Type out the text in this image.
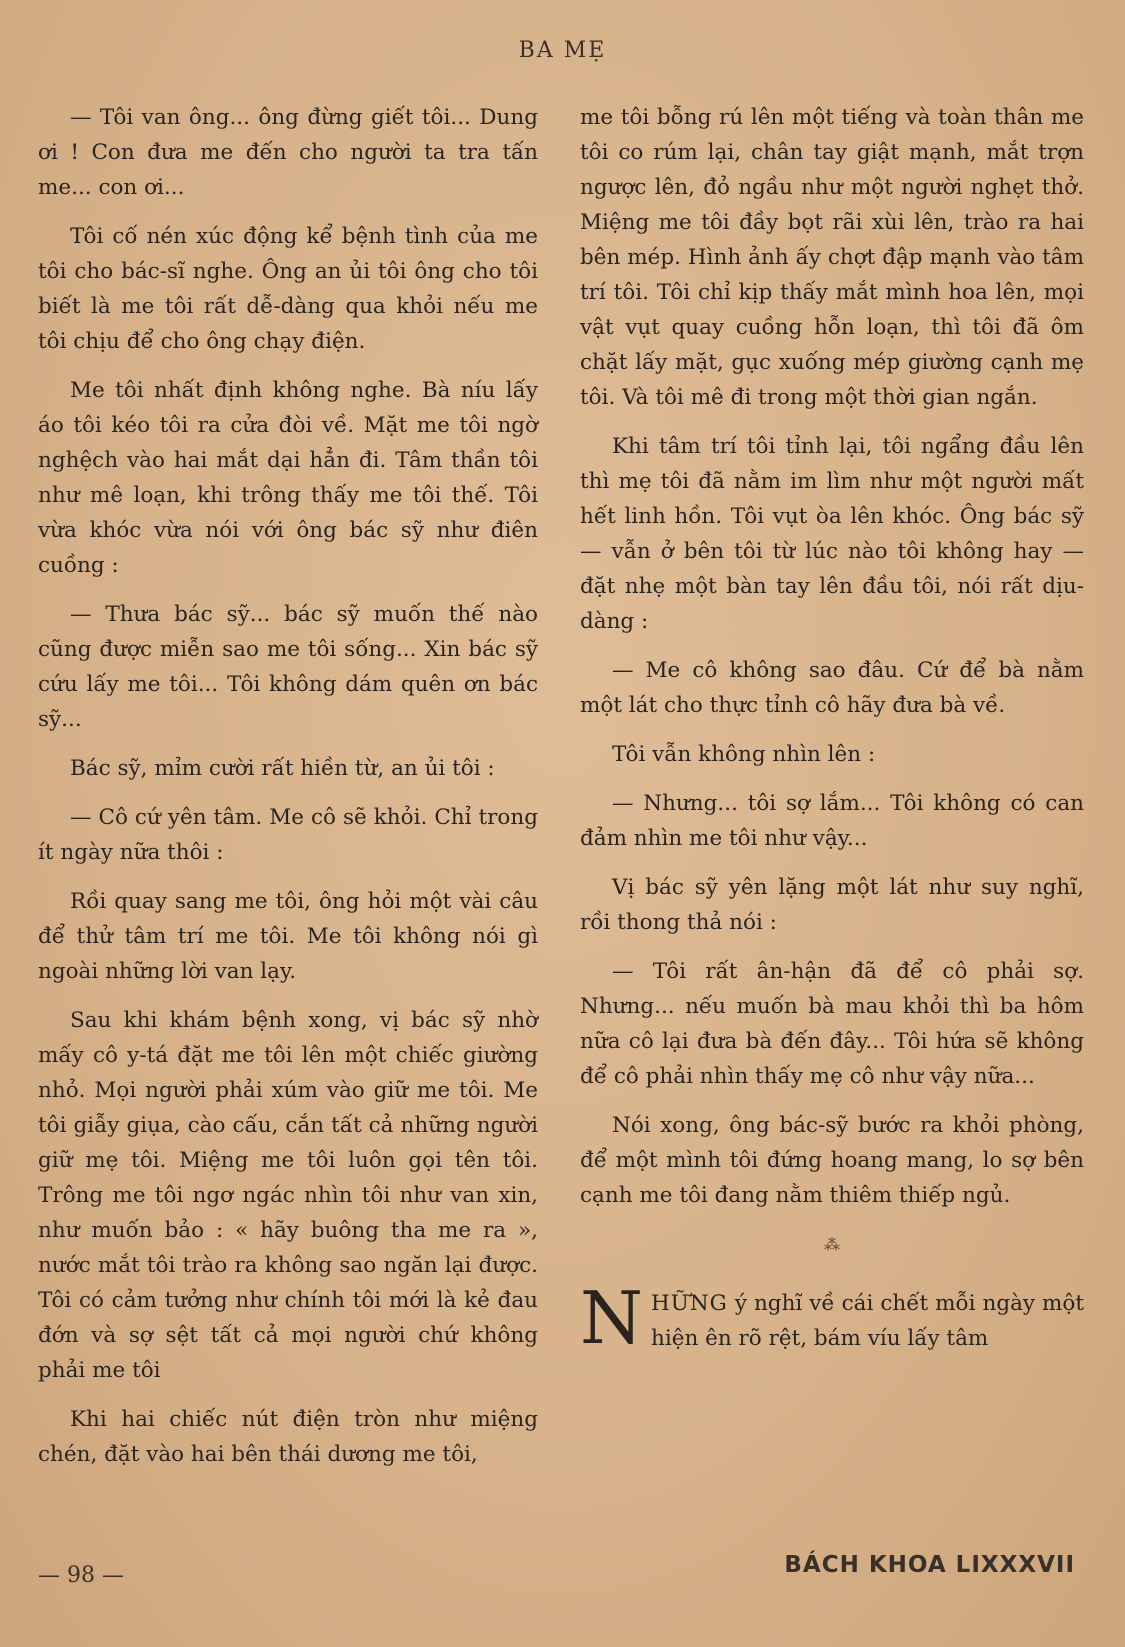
BA MẸ

— Tôi van ông... ông đừng giết tôi... Dung ơi ! Con đưa me đến cho người ta tra tấn me... con ơi...

Tôi cố nén xúc động kể bệnh tình của me tôi cho bác-sĩ nghe. Ông an ủi tôi ông cho tôi biết là me tôi rất dễ-dàng qua khỏi nếu me tôi chịu để cho ông chạy điện.

Me tôi nhất định không nghe. Bà níu lấy áo tôi kéo tôi ra cửa đòi về. Mặt me tôi ngờ nghệch vào hai mắt dại hẳn đi. Tâm thần tôi như mê loạn, khi trông thấy me tôi thế. Tôi vừa khóc vừa nói với ông bác sỹ như điên cuồng :

— Thưa bác sỹ... bác sỹ muốn thế nào cũng được miễn sao me tôi sống... Xin bác sỹ cứu lấy me tôi... Tôi không dám quên ơn bác sỹ...

Bác sỹ, mỉm cười rất hiền từ, an ủi tôi :

— Cô cứ yên tâm. Me cô sẽ khỏi. Chỉ trong ít ngày nữa thôi :

Rồi quay sang me tôi, ông hỏi một vài câu để thử tâm trí me tôi. Me tôi không nói gì ngoài những lời van lạy.

Sau khi khám bệnh xong, vị bác sỹ nhờ mấy cô y-tá đặt me tôi lên một chiếc giường nhỏ. Mọi người phải xúm vào giữ me tôi. Me tôi giẫy giụa, cào cấu, cắn tất cả những người giữ mẹ tôi. Miệng me tôi luôn gọi tên tôi. Trông me tôi ngơ ngác nhìn tôi như van xin, như muốn bảo : « hãy buông tha me ra », nước mắt tôi trào ra không sao ngăn lại được. Tôi có cảm tưởng như chính tôi mới là kẻ đau đớn và sợ sệt tất cả mọi người chứ không phải me tôi

Khi hai chiếc nút điện tròn như miệng chén, đặt vào hai bên thái dương me tôi,

me tôi bỗng rú lên một tiếng và toàn thân me tôi co rúm lại, chân tay giật mạnh, mắt trợn ngược lên, đỏ ngầu như một người nghẹt thở. Miệng me tôi đầy bọt rãi xùi lên, trào ra hai bên mép. Hình ảnh ấy chợt đập mạnh vào tâm trí tôi. Tôi chỉ kịp thấy mắt mình hoa lên, mọi vật vụt quay cuồng hỗn loạn, thì tôi đã ôm chặt lấy mặt, gục xuống mép giường cạnh mẹ tôi. Và tôi mê đi trong một thời gian ngắn.

Khi tâm trí tôi tỉnh lại, tôi ngẩng đầu lên thì mẹ tôi đã nằm im lìm như một người mất hết linh hồn. Tôi vụt òa lên khóc. Ông bác sỹ — vẫn ở bên tôi từ lúc nào tôi không hay — đặt nhẹ một bàn tay lên đầu tôi, nói rất dịu-dàng :

— Me cô không sao đâu. Cứ để bà nằm một lát cho thực tỉnh cô hãy đưa bà về.

Tôi vẫn không nhìn lên :

— Nhưng... tôi sợ lắm... Tôi không có can đảm nhìn me tôi như vậy...

Vị bác sỹ yên lặng một lát như suy nghĩ, rồi thong thả nói :

— Tôi rất ân-hận đã để cô phải sợ. Nhưng... nếu muốn bà mau khỏi thì ba hôm nữa cô lại đưa bà đến đây... Tôi hứa sẽ không để cô phải nhìn thấy mẹ cô như vậy nữa...

Nói xong, ông bác-sỹ bước ra khỏi phòng, để một mình tôi đứng hoang mang, lo sợ bên cạnh me tôi đang nằm thiêm thiếp ngủ.

⁂

NHỮNG ý nghĩ về cái chết mỗi ngày một hiện ên rõ rệt, bám víu lấy tâm

— 98 —	BÁCH KHOA LIXXXVII
